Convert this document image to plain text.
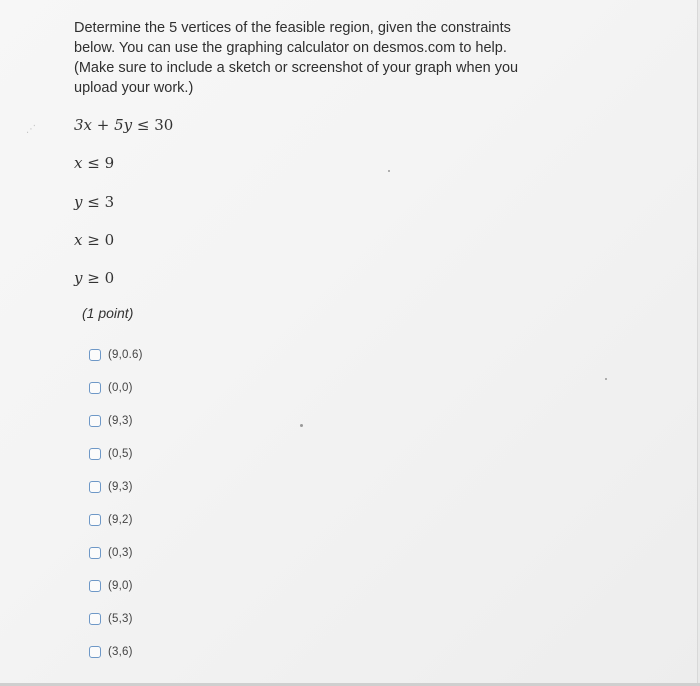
Determine the 5 vertices of the feasible region, given the constraints below. You can use the graphing calculator on desmos.com to help. (Make sure to include a sketch or screenshot of your graph when you upload your work.)

⋰	3x + 5y ≤ 30
x ≤ 9
y ≤ 3
x ≥ 0
y ≥ 0
(1 point)
(9,0.6)
(0,0)
(9,3)
(0,5)
(9,3)
(9,2)
(0,3)
(9,0)
(5,3)
(3,6)
